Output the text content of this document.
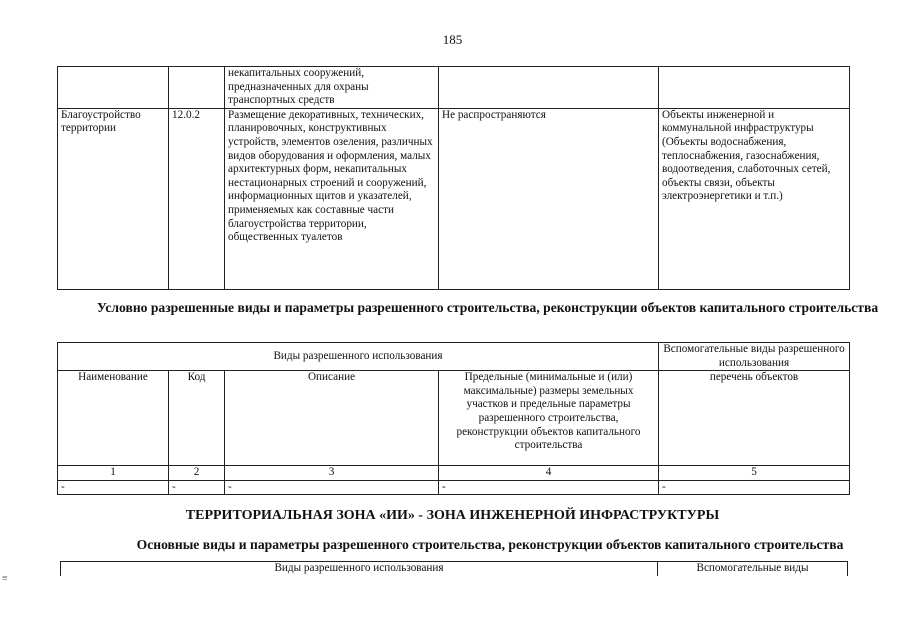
185
		некапитальных сооружений, предназначенных для охраны транспортных средств		
Благоустройство территории	12.0.2	Размещение декоративных, технических, планировочных, конструктивных устройств, элементов озеления, различных видов оборудования и оформления, малых архитектурных форм, некапитальных нестационарных строений и сооружений, информационных щитов и указателей, применяемых как составные части благоустройства территории, общественных туалетов	Не распространяются	Объекты инженерной и коммунальной инфраструктуры (Объекты водоснабжения, теплоснабжения, газоснабжения, водоотведения, слаботочных сетей, объекты связи, объекты электроэнергетики и т.п.)
Условно разрешенные виды и параметры разрешенного строительства, реконструкции объектов капитального строительства
Виды разрешенного использования				Вспомогательные виды разрешенного использования
Наименование	Код	Описание	Предельные (минимальные и (или) максимальные) размеры земельных участков и предельные параметры разрешенного строительства, реконструкции объектов капитального строительства	перечень объектов
1	2	3	4	5
-	-	-	-	-
ТЕРРИТОРИАЛЬНАЯ ЗОНА «ИИ» - ЗОНА ИНЖЕНЕРНОЙ ИНФРАСТРУКТУРЫ
Основные виды и параметры разрешенного строительства, реконструкции объектов капитального строительства
Виды разрешенного использования	Вспомогательные виды
≡
